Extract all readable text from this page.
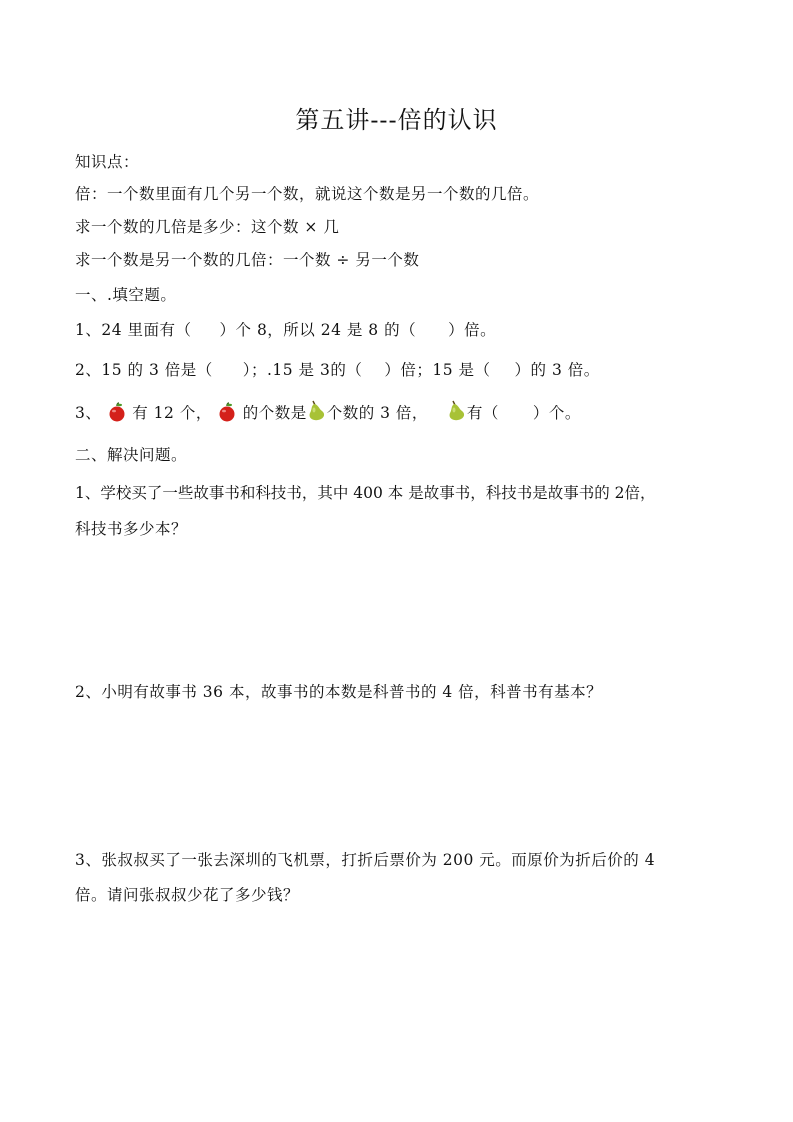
第五讲---倍的认识
知识点：
倍：一个数里面有几个另一个数，就说这个数是另一个数的几倍。
求一个数的几倍是多少：这个数 × 几
求一个数是另一个数的几倍：一个数 ÷ 另一个数
一、.填空题。
1、24 里面有（ ）个 8，所以 24 是 8 的（ ）倍。
2、15 的 3 倍是（ ）；.15 是 3的（ ）倍；15 是（ ）的 3 倍。
3、 有 12 个， 的个数是 个数的 3 倍，	有（ ）个。
二、解决问题。
1、学校买了一些故事书和科技书，其中 400 本 是故事书，科技书是故事书的 2倍，
科技书多少本？
2、小明有故事书 36 本，故事书的本数是科普书的 4 倍，科普书有基本？
3、张叔叔买了一张去深圳的飞机票，打折后票价为 200 元。而原价为折后价的 4
倍。请问张叔叔少花了多少钱？
